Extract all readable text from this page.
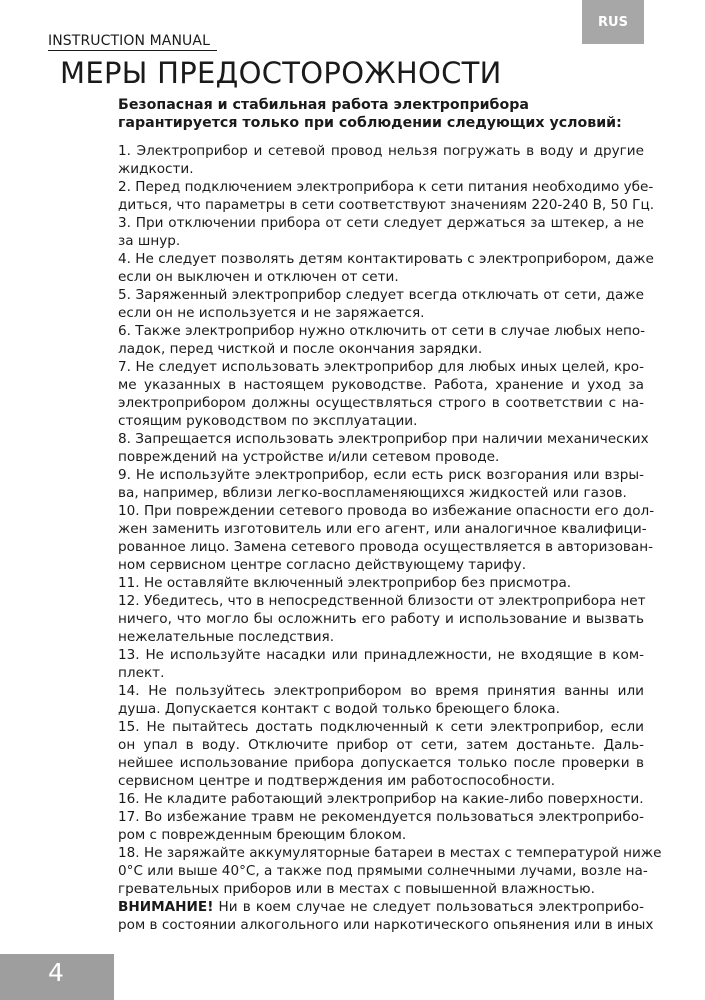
RUS
INSTRUCTION MANUAL
МЕРЫ ПРЕДОСТОРОЖНОСТИ
Безопасная и стабильная работа электроприбора
гарантируется только при соблюдении следующих условий:
1. Электроприбор и сетевой провод нельзя погружать в воду и другие
жидкости.
2. Перед подключением электроприбора к сети питания необходимо убе-
диться, что параметры в сети соответствуют значениям 220-240 В, 50 Гц.
3. При отключении прибора от сети следует держаться за штекер, а не
за шнур.
4. Не следует позволять детям контактировать с электроприбором, даже
если он выключен и отключен от сети.
5. Заряженный электроприбор следует всегда отключать от сети, даже
если он не используется и не заряжается.
6. Также электроприбор нужно отключить от сети в случае любых непо-
ладок, перед чисткой и после окончания зарядки.
7. Не следует использовать электроприбор для любых иных целей, кро-
ме указанных в настоящем руководстве. Работа, хранение и уход за
электроприбором должны осуществляться строго в соответствии с на-
стоящим руководством по эксплуатации.
8. Запрещается использовать электроприбор при наличии механических
повреждений на устройстве и/или сетевом проводе.
9. Не используйте электроприбор, если есть риск возгорания или взры-
ва, например, вблизи легко-воспламеняющихся жидкостей или газов.
10. При повреждении сетевого провода во избежание опасности его дол-
жен заменить изготовитель или его агент, или аналогичное квалифици-
рованное лицо. Замена сетевого провода осуществляется в авторизован-
ном сервисном центре согласно действующему тарифу.
11. Не оставляйте включенный электроприбор без присмотра.
12. Убедитесь, что в непосредственной близости от электроприбора нет
ничего, что могло бы осложнить его работу и использование и вызвать
нежелательные последствия.
13. Не используйте насадки или принадлежности, не входящие в ком-
плект.
14. Не пользуйтесь электроприбором во время принятия ванны или
душа. Допускается контакт с водой только бреющего блока.
15. Не пытайтесь достать подключенный к сети электроприбор, если
он упал в воду. Отключите прибор от сети, затем достаньте. Даль-
нейшее использование прибора допускается только после проверки в
сервисном центре и подтверждения им работоспособности.
16. Не кладите работающий электроприбор на какие-либо поверхности.
17. Во избежание травм не рекомендуется пользоваться электроприбо-
ром с поврежденным бреющим блоком.
18. Не заряжайте аккумуляторные батареи в местах с температурой ниже
0°C или выше 40°C, а также под прямыми солнечными лучами, возле на-
гревательных приборов или в местах с повышенной влажностью.
ВНИМАНИЕ! Ни в коем случае не следует пользоваться электроприбо-
ром в состоянии алкогольного или наркотического опьянения или в иных
4
